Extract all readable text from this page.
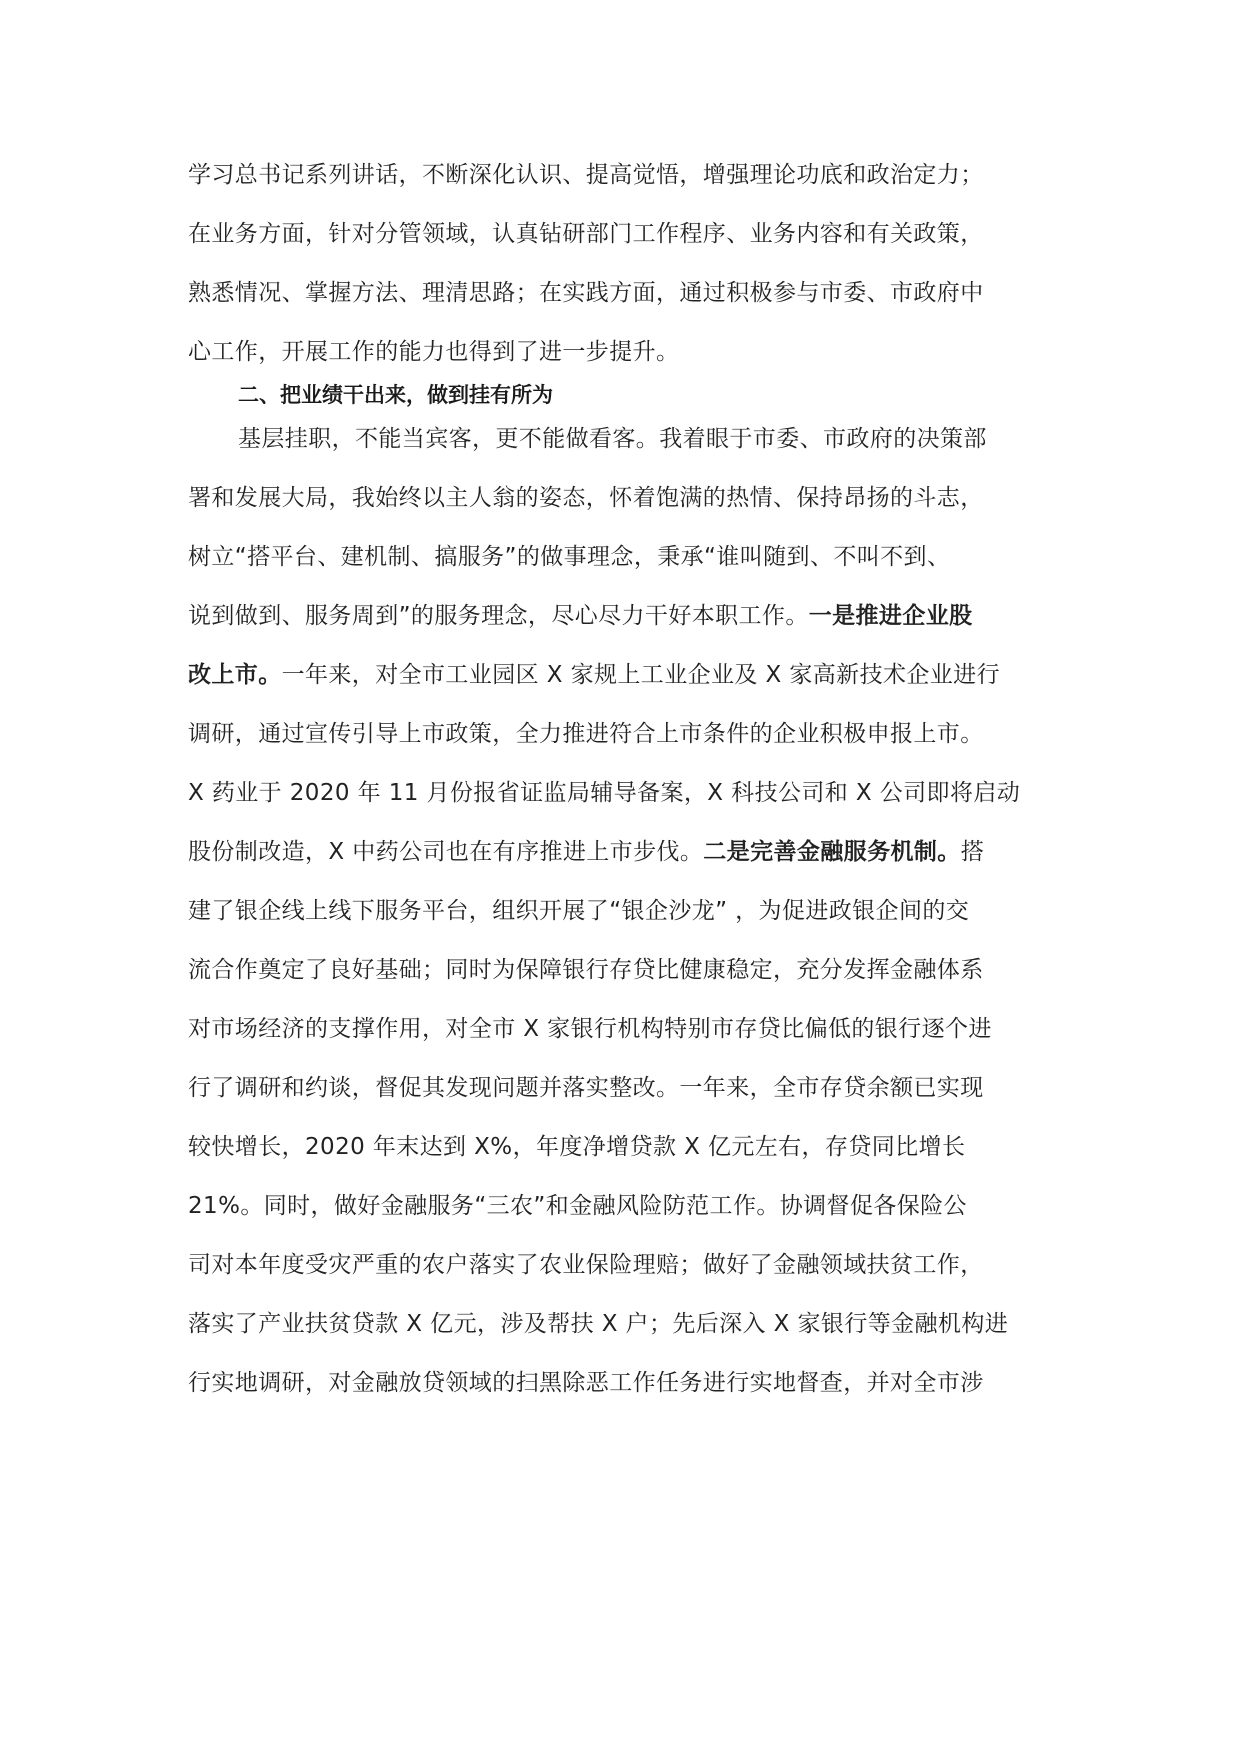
学习总书记系列讲话，不断深化认识、提高觉悟，增强理论功底和政治定力；
在业务方面，针对分管领域，认真钻研部门工作程序、业务内容和有关政策，
熟悉情况、掌握方法、理清思路；在实践方面，通过积极参与市委、市政府中
心工作，开展工作的能力也得到了进一步提升。
二、把业绩干出来，做到挂有所为
基层挂职，不能当宾客，更不能做看客。我着眼于市委、市政府的决策部
署和发展大局，我始终以主人翁的姿态，怀着饱满的热情、保持昂扬的斗志，
树立“搭平台、建机制、搞服务”的做事理念，秉承“谁叫随到、不叫不到、
说到做到、服务周到”的服务理念，尽心尽力干好本职工作。一是推进企业股
改上市。一年来，对全市工业园区 X 家规上工业企业及 X 家高新技术企业进行
调研，通过宣传引导上市政策，全力推进符合上市条件的企业积极申报上市。
X 药业于 2020 年 11 月份报省证监局辅导备案，X 科技公司和 X 公司即将启动
股份制改造，X 中药公司也在有序推进上市步伐。二是完善金融服务机制。搭
建了银企线上线下服务平台，组织开展了“银企沙龙” ，为促进政银企间的交
流合作奠定了良好基础；同时为保障银行存贷比健康稳定，充分发挥金融体系
对市场经济的支撑作用，对全市 X 家银行机构特别市存贷比偏低的银行逐个进
行了调研和约谈，督促其发现问题并落实整改。一年来，全市存贷余额已实现
较快增长，2020 年末达到 X%，年度净增贷款 X 亿元左右，存贷同比增长
21%。同时，做好金融服务“三农”和金融风险防范工作。协调督促各保险公
司对本年度受灾严重的农户落实了农业保险理赔；做好了金融领域扶贫工作，
落实了产业扶贫贷款 X 亿元，涉及帮扶 X 户；先后深入 X 家银行等金融机构进
行实地调研，对金融放贷领域的扫黑除恶工作任务进行实地督查，并对全市涉
